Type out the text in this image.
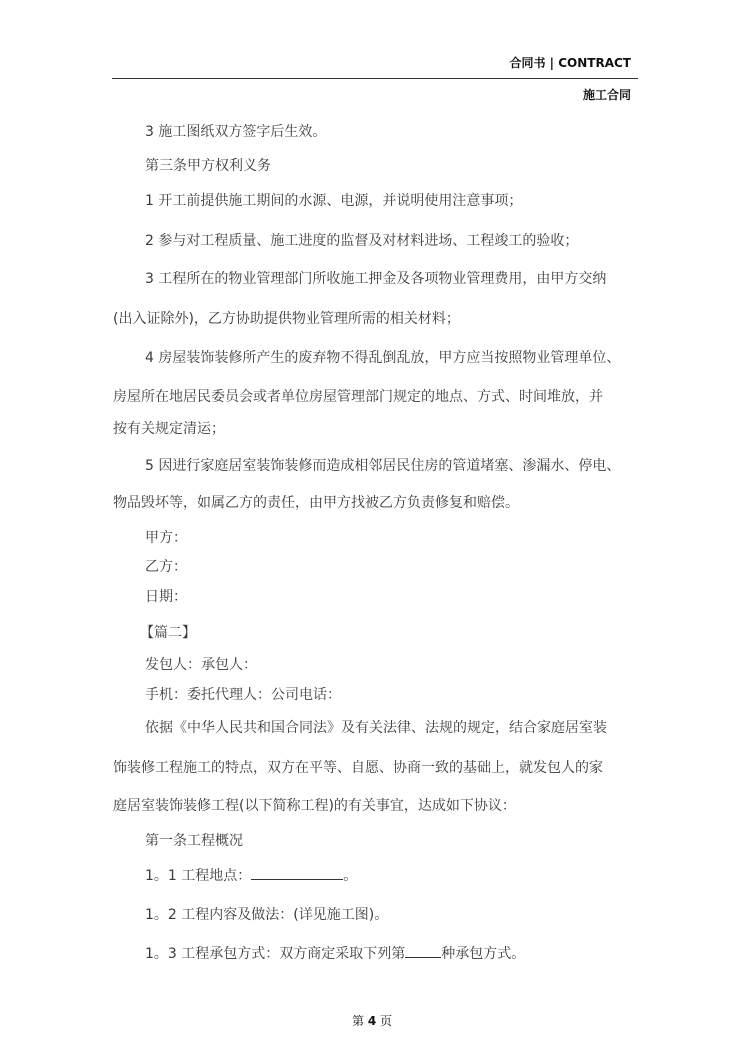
合同书 | CONTRACT
施工合同
3 施工图纸双方签字后生效。
第三条甲方权利义务
1 开工前提供施工期间的水源、电源，并说明使用注意事项；
2 参与对工程质量、施工进度的监督及对材料进场、工程竣工的验收；
3 工程所在的物业管理部门所收施工押金及各项物业管理费用，由甲方交纳
(出入证除外)，乙方协助提供物业管理所需的相关材料；
4 房屋装饰装修所产生的废弃物不得乱倒乱放，甲方应当按照物业管理单位、
房屋所在地居民委员会或者单位房屋管理部门规定的地点、方式、时间堆放，并
按有关规定清运；
5 因进行家庭居室装饰装修而造成相邻居民住房的管道堵塞、渗漏水、停电、
物品毁坏等，如属乙方的责任，由甲方找被乙方负责修复和赔偿。
甲方：
乙方：
日期：
【篇二】
发包人：承包人：
手机：委托代理人：公司电话：
依据《中华人民共和国合同法》及有关法律、法规的规定，结合家庭居室装
饰装修工程施工的特点，双方在平等、自愿、协商一致的基础上，就发包人的家
庭居室装饰装修工程(以下简称工程)的有关事宜，达成如下协议：
第一条工程概况
1。1 工程地点：	。
1。2 工程内容及做法：(详见施工图)。
1。3 工程承包方式：双方商定采取下列第	种承包方式。
第 4 页
